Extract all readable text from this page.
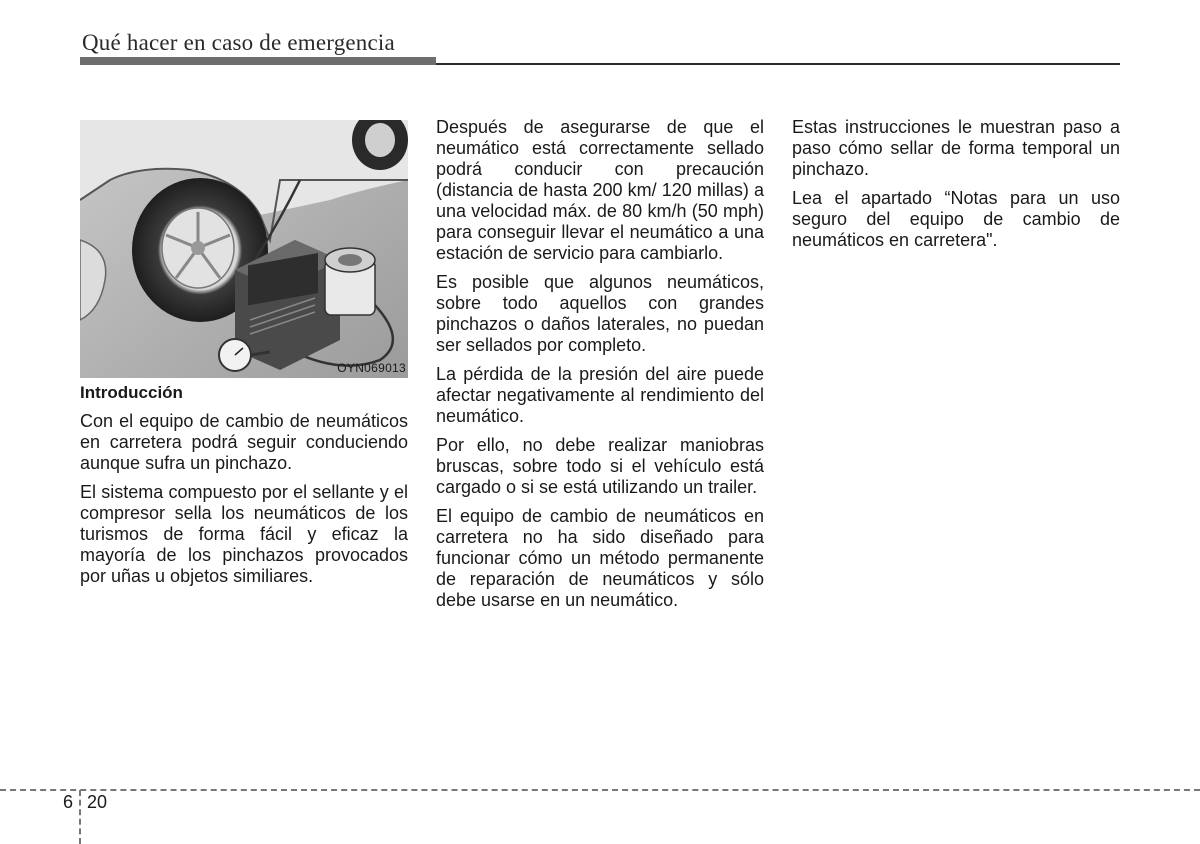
Qué hacer en caso de emergencia
OYN069013

Introducción

Con el equipo de cambio de neumáticos en carretera podrá seguir conduciendo aunque sufra un pinchazo.

El sistema compuesto por el sellante y el compresor sella los neumáticos de los turismos de forma fácil y eficaz la mayoría de los pinchazos provocados por uñas u objetos similiares.

Después de asegurarse de que el neumático está correctamente sellado podrá conducir con precaución (distancia de hasta 200 km/ 120 millas) a una velocidad máx. de 80 km/h (50 mph) para conseguir llevar el neumático a una estación de servicio para cambiarlo.

Es posible que algunos neumáticos, sobre todo aquellos con grandes pinchazos o daños laterales, no puedan ser sellados por completo.

La pérdida de la presión del aire puede afectar negativamente al rendimiento del neumático.

Por ello, no debe realizar maniobras bruscas, sobre todo si el vehículo está cargado o si se está utilizando un trailer.

El equipo de cambio de neumáticos en carretera no ha sido diseñado para funcionar cómo un método permanente de reparación de neumáticos y sólo debe usarse en un neumático.

Estas instrucciones le muestran paso a paso cómo sellar de forma temporal un pinchazo.

Lea el apartado “Notas para un uso seguro del equipo de cambio de neumáticos en carretera".

6 20
